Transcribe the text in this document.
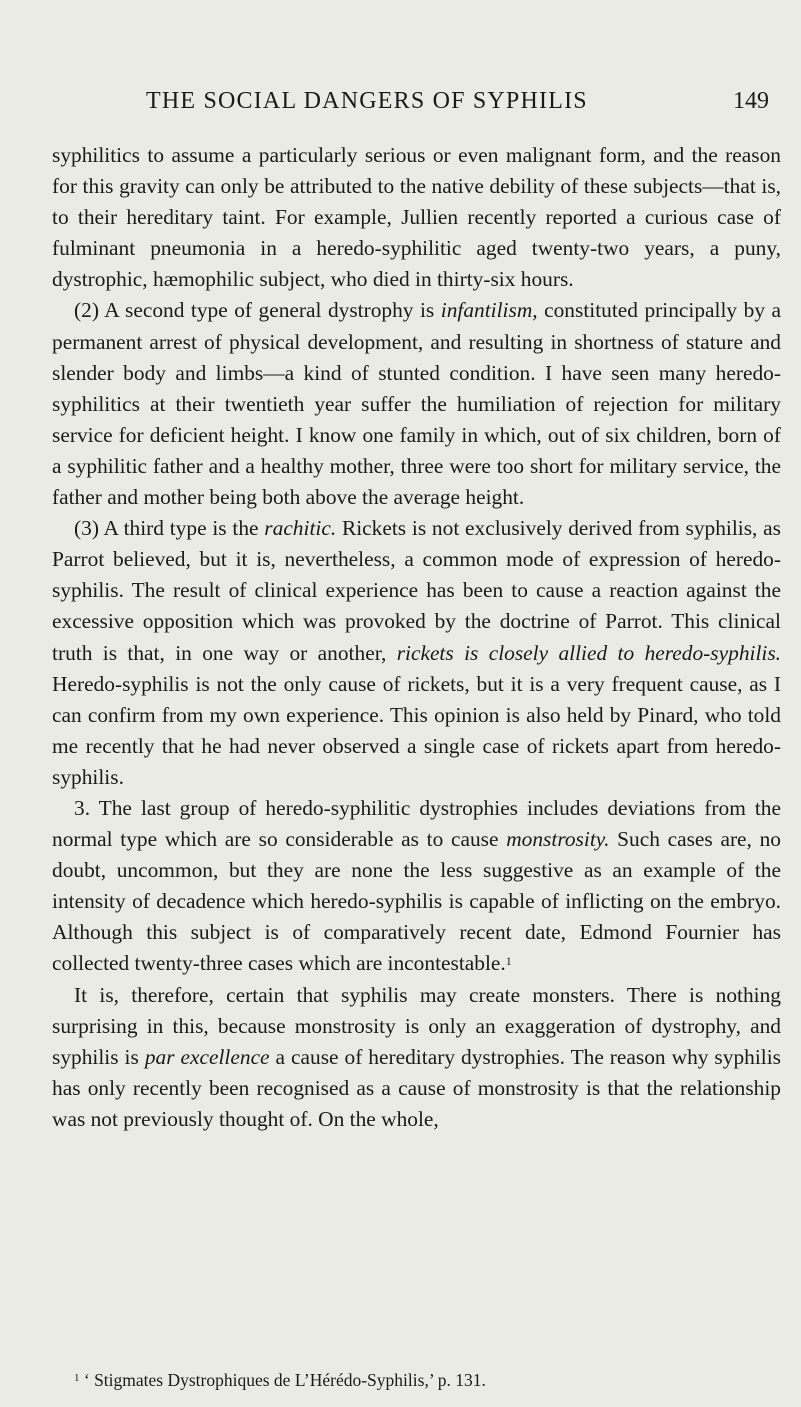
THE SOCIAL DANGERS OF SYPHILIS	149

syphilitics to assume a particularly serious or even malignant form, and the reason for this gravity can only be attributed to the native debility of these subjects—that is, to their hereditary taint. For example, Jullien recently reported a curious case of fulminant pneumonia in a heredo-syphilitic aged twenty-two years, a puny, dystrophic, hæmophilic subject, who died in thirty-six hours.

(2) A second type of general dystrophy is infantilism, constituted principally by a permanent arrest of physical development, and resulting in shortness of stature and slender body and limbs—a kind of stunted condition. I have seen many heredo-syphilitics at their twentieth year suffer the humiliation of rejection for military service for deficient height. I know one family in which, out of six children, born of a syphilitic father and a healthy mother, three were too short for military service, the father and mother being both above the average height.

(3) A third type is the rachitic. Rickets is not exclusively derived from syphilis, as Parrot believed, but it is, nevertheless, a common mode of expression of heredo-syphilis. The result of clinical experience has been to cause a reaction against the excessive opposition which was provoked by the doctrine of Parrot. This clinical truth is that, in one way or another, rickets is closely allied to heredo-syphilis. Heredo-syphilis is not the only cause of rickets, but it is a very frequent cause, as I can confirm from my own experience. This opinion is also held by Pinard, who told me recently that he had never observed a single case of rickets apart from heredo-syphilis.

3. The last group of heredo-syphilitic dystrophies includes deviations from the normal type which are so considerable as to cause monstrosity. Such cases are, no doubt, uncommon, but they are none the less suggestive as an example of the intensity of decadence which heredo-syphilis is capable of inflicting on the embryo. Although this subject is of comparatively recent date, Edmond Fournier has collected twenty-three cases which are incontestable.$^1$

It is, therefore, certain that syphilis may create monsters. There is nothing surprising in this, because monstrosity is only an exaggeration of dystrophy, and syphilis is par excellence a cause of hereditary dystrophies. The reason why syphilis has only recently been recognised as a cause of monstrosity is that the relationship was not previously thought of. On the whole,

$^1$ ‘ Stigmates Dystrophiques de L’Hérédo-Syphilis,’ p. 131.
